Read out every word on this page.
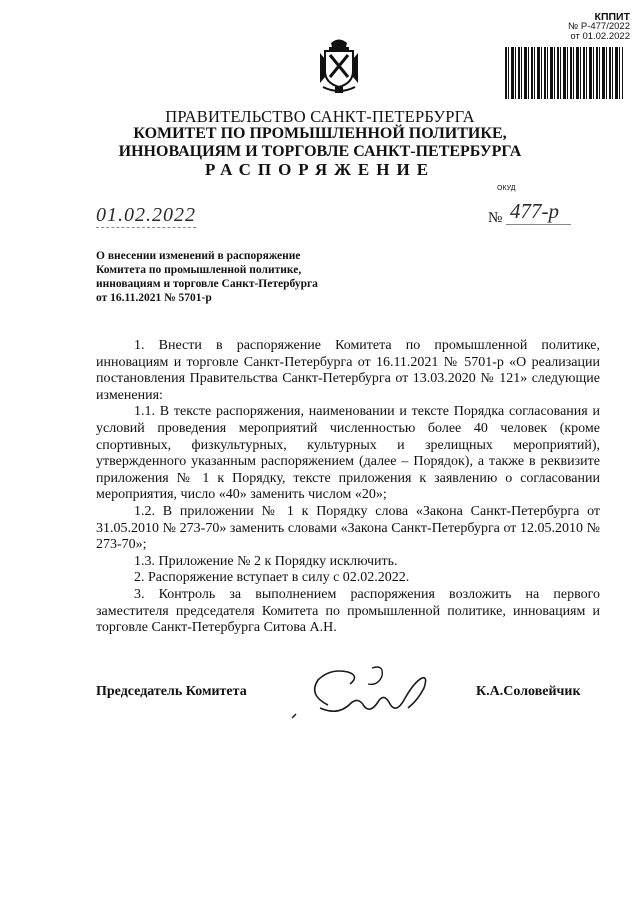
КППИТ
№ Р-477/2022
от 01.02.2022
ПРАВИТЕЛЬСТВО САНКТ-ПЕТЕРБУРГА
КОМИТЕТ ПО ПРОМЫШЛЕННОЙ ПОЛИТИКЕ,
ИННОВАЦИЯМ И ТОРГОВЛЕ САНКТ-ПЕТЕРБУРГА
РАСПОРЯЖЕНИЕ
ОКУД
01.02.2022	№ 477-р
О внесении изменений в распоряжение
Комитета по промышленной политике,
инновациям и торговле Санкт-Петербурга
от 16.11.2021 № 5701-р

1. Внести в распоряжение Комитета по промышленной политике, инновациям и торговле Санкт-Петербурга от 16.11.2021 № 5701-р «О реализации постановления Правительства Санкт-Петербурга от 13.03.2020 № 121» следующие изменения:

1.1. В тексте распоряжения, наименовании и тексте Порядка согласования и условий проведения мероприятий численностью более 40 человек (кроме спортивных, физкультурных, культурных и зрелищных мероприятий), утвержденного указанным распоряжением (далее – Порядок), а также в реквизите приложения № 1 к Порядку, тексте приложения к заявлению о согласовании мероприятия, число «40» заменить числом «20»;

1.2. В приложении № 1 к Порядку слова «Закона Санкт-Петербурга от 31.05.2010 № 273-70» заменить словами «Закона Санкт-Петербурга от 12.05.2010 № 273-70»;

1.3. Приложение № 2 к Порядку исключить.

2. Распоряжение вступает в силу с 02.02.2022.

3. Контроль за выполнением распоряжения возложить на первого заместителя председателя Комитета по промышленной политике, инновациям и торговле Санкт-Петербурга Ситова А.Н.

Председатель Комитета	К.А.Соловейчик
